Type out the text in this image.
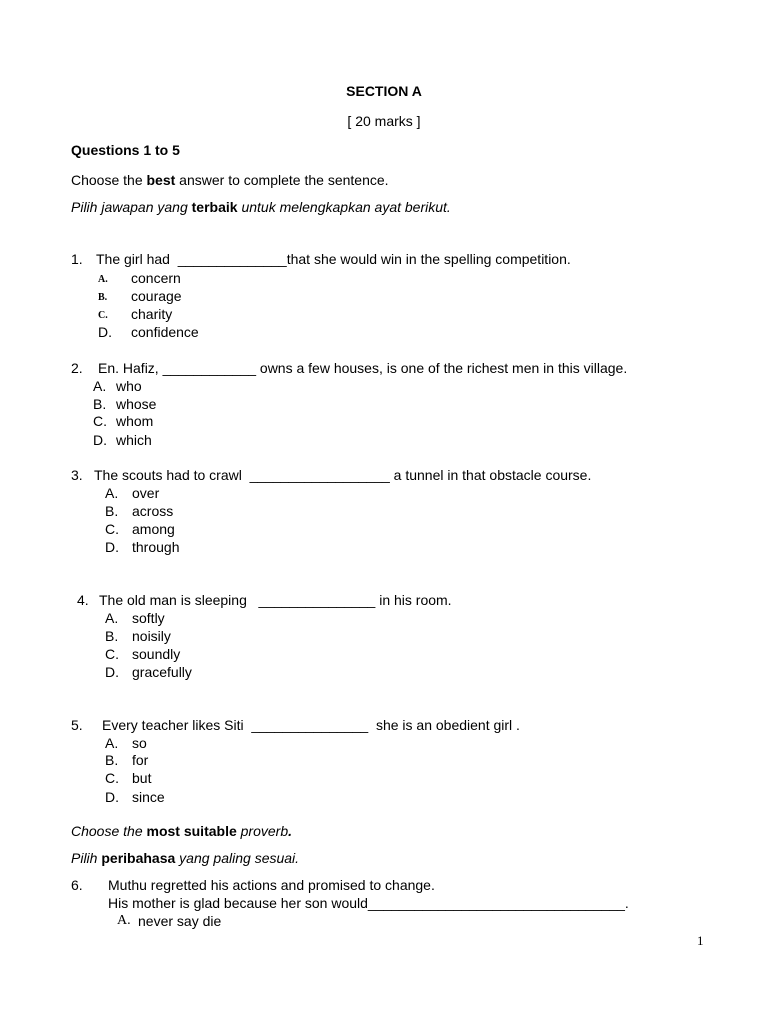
SECTION A
[ 20 marks ]
Questions 1 to 5
Choose the best answer to complete the sentence.
Pilih jawapan yang terbaik untuk melengkapkan ayat berikut.
1. The girl had  ______________that she would win in the spelling competition.
A. concern
B. courage
C. charity
D. confidence
2. En. Hafiz, ____________ owns a few houses, is one of the richest men in this village.
A. who
B. whose
C. whom
D. which
3. The scouts had to crawl  __________________ a tunnel in that obstacle course.
A. over
B. across
C. among
D. through
4. The old man is sleeping   _______________ in his room.
A. softly
B. noisily
C. soundly
D. gracefully
5. Every teacher likes Siti  _______________  she is an obedient girl .
A. so
B. for
C. but
D. since
Choose the most suitable proverb.
Pilih peribahasa yang paling sesuai.
6. Muthu regretted his actions and promised to change.
His mother is glad because her son would_________________________________.
A. never say die
1
